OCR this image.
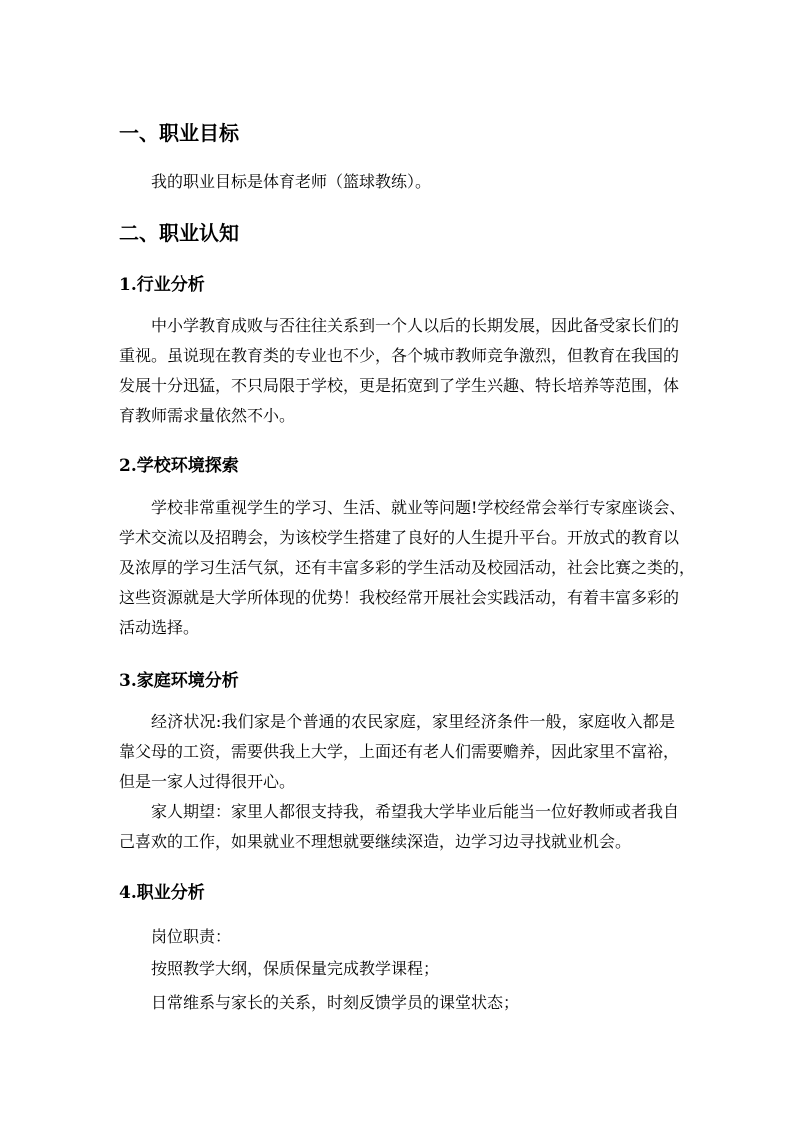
一、职业目标
我的职业目标是体育老师（篮球教练）。
二、职业认知
1.行业分析
中小学教育成败与否往往关系到一个人以后的长期发展，因此备受家长们的
重视。虽说现在教育类的专业也不少，各个城市教师竞争激烈，但教育在我国的
发展十分迅猛，不只局限于学校，更是拓宽到了学生兴趣、特长培养等范围，体
育教师需求量依然不小。
2.学校环境探索
学校非常重视学生的学习、生活、就业等问题!学校经常会举行专家座谈会、
学术交流以及招聘会，为该校学生搭建了良好的人生提升平台。开放式的教育以
及浓厚的学习生活气氛，还有丰富多彩的学生活动及校园活动，社会比赛之类的，
这些资源就是大学所体现的优势！我校经常开展社会实践活动，有着丰富多彩的
活动选择。
3.家庭环境分析
经济状况:我们家是个普通的农民家庭，家里经济条件一般，家庭收入都是
靠父母的工资，需要供我上大学，上面还有老人们需要赡养，因此家里不富裕，
但是一家人过得很开心。
家人期望：家里人都很支持我，希望我大学毕业后能当一位好教师或者我自
己喜欢的工作，如果就业不理想就要继续深造，边学习边寻找就业机会。
4.职业分析
岗位职责：
按照教学大纲，保质保量完成教学课程；
日常维系与家长的关系，时刻反馈学员的课堂状态；
